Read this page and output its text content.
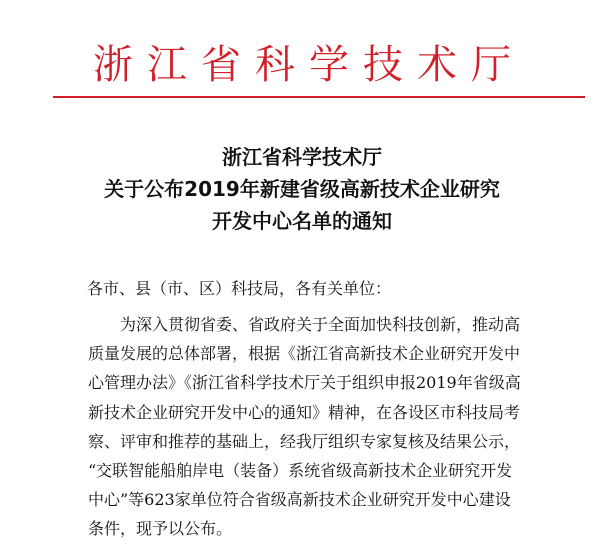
浙江省科学技术厅
浙江省科学技术厅
关于公布2019年新建省级高新技术企业研究
开发中心名单的通知
各市、县（市、区）科技局，各有关单位：
为深入贯彻省委、省政府关于全面加快科技创新，推动高
质量发展的总体部署，根据《浙江省高新技术企业研究开发中
心管理办法》《浙江省科学技术厅关于组织申报2019年省级高
新技术企业研究开发中心的通知》精神，在各设区市科技局考
察、评审和推荐的基础上，经我厅组织专家复核及结果公示，
“交联智能船舶岸电（装备）系统省级高新技术企业研究开发
中心”等623家单位符合省级高新技术企业研究开发中心建设
条件，现予以公布。
